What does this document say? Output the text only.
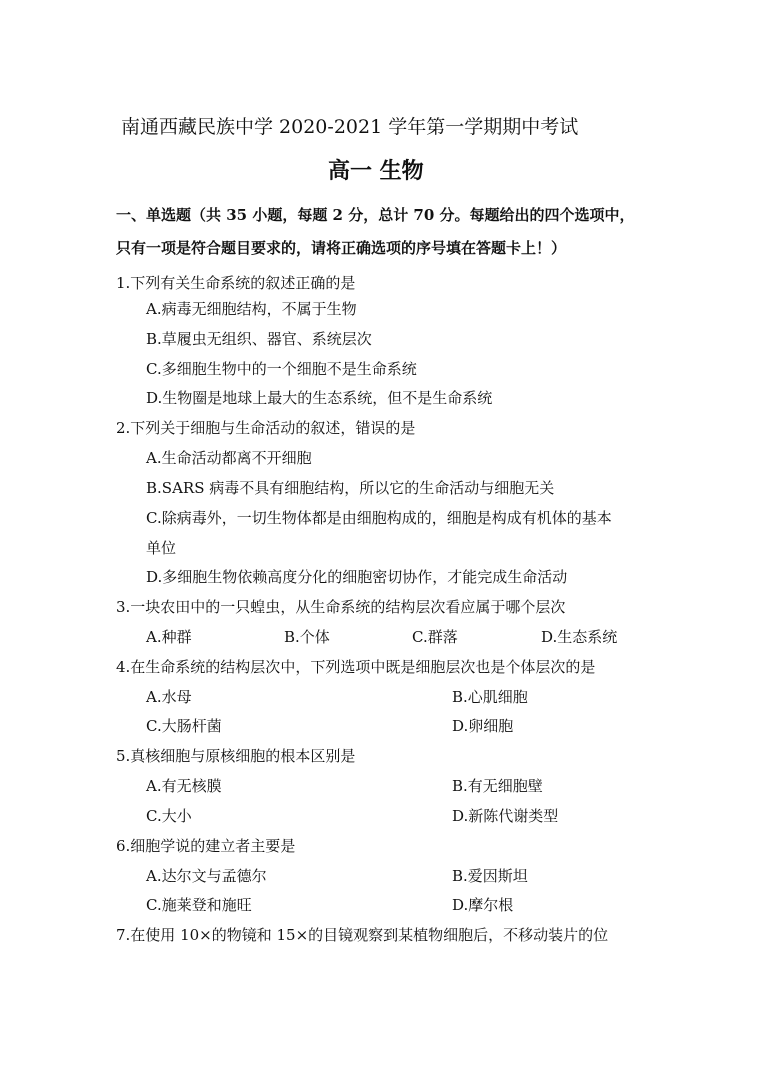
南通西藏民族中学 2020-2021 学年第一学期期中考试
高一 生物
一、单选题（共 35 小题，每题 2 分，总计 70 分。每题给出的四个选项中，
只有一项是符合题目要求的，请将正确选项的序号填在答题卡上！）
1.下列有关生命系统的叙述正确的是
A.病毒无细胞结构，不属于生物
B.草履虫无组织、器官、系统层次
C.多细胞生物中的一个细胞不是生命系统
D.生物圈是地球上最大的生态系统，但不是生命系统
2.下列关于细胞与生命活动的叙述，错误的是
A.生命活动都离不开细胞
B.SARS 病毒不具有细胞结构，所以它的生命活动与细胞无关
C.除病毒外，一切生物体都是由细胞构成的，细胞是构成有机体的基本
单位
D.多细胞生物依赖高度分化的细胞密切协作，才能完成生命活动
3.一块农田中的一只蝗虫，从生命系统的结构层次看应属于哪个层次
A.种群	B.个体	C.群落	D.生态系统
4.在生命系统的结构层次中，下列选项中既是细胞层次也是个体层次的是
A.水母	B.心肌细胞
C.大肠杆菌	D.卵细胞
5.真核细胞与原核细胞的根本区别是
A.有无核膜	B.有无细胞壁
C.大小	D.新陈代谢类型
6.细胞学说的建立者主要是
A.达尔文与孟德尔	B.爱因斯坦
C.施莱登和施旺	D.摩尔根
7.在使用 10×的物镜和 15×的目镜观察到某植物细胞后，不移动装片的位
